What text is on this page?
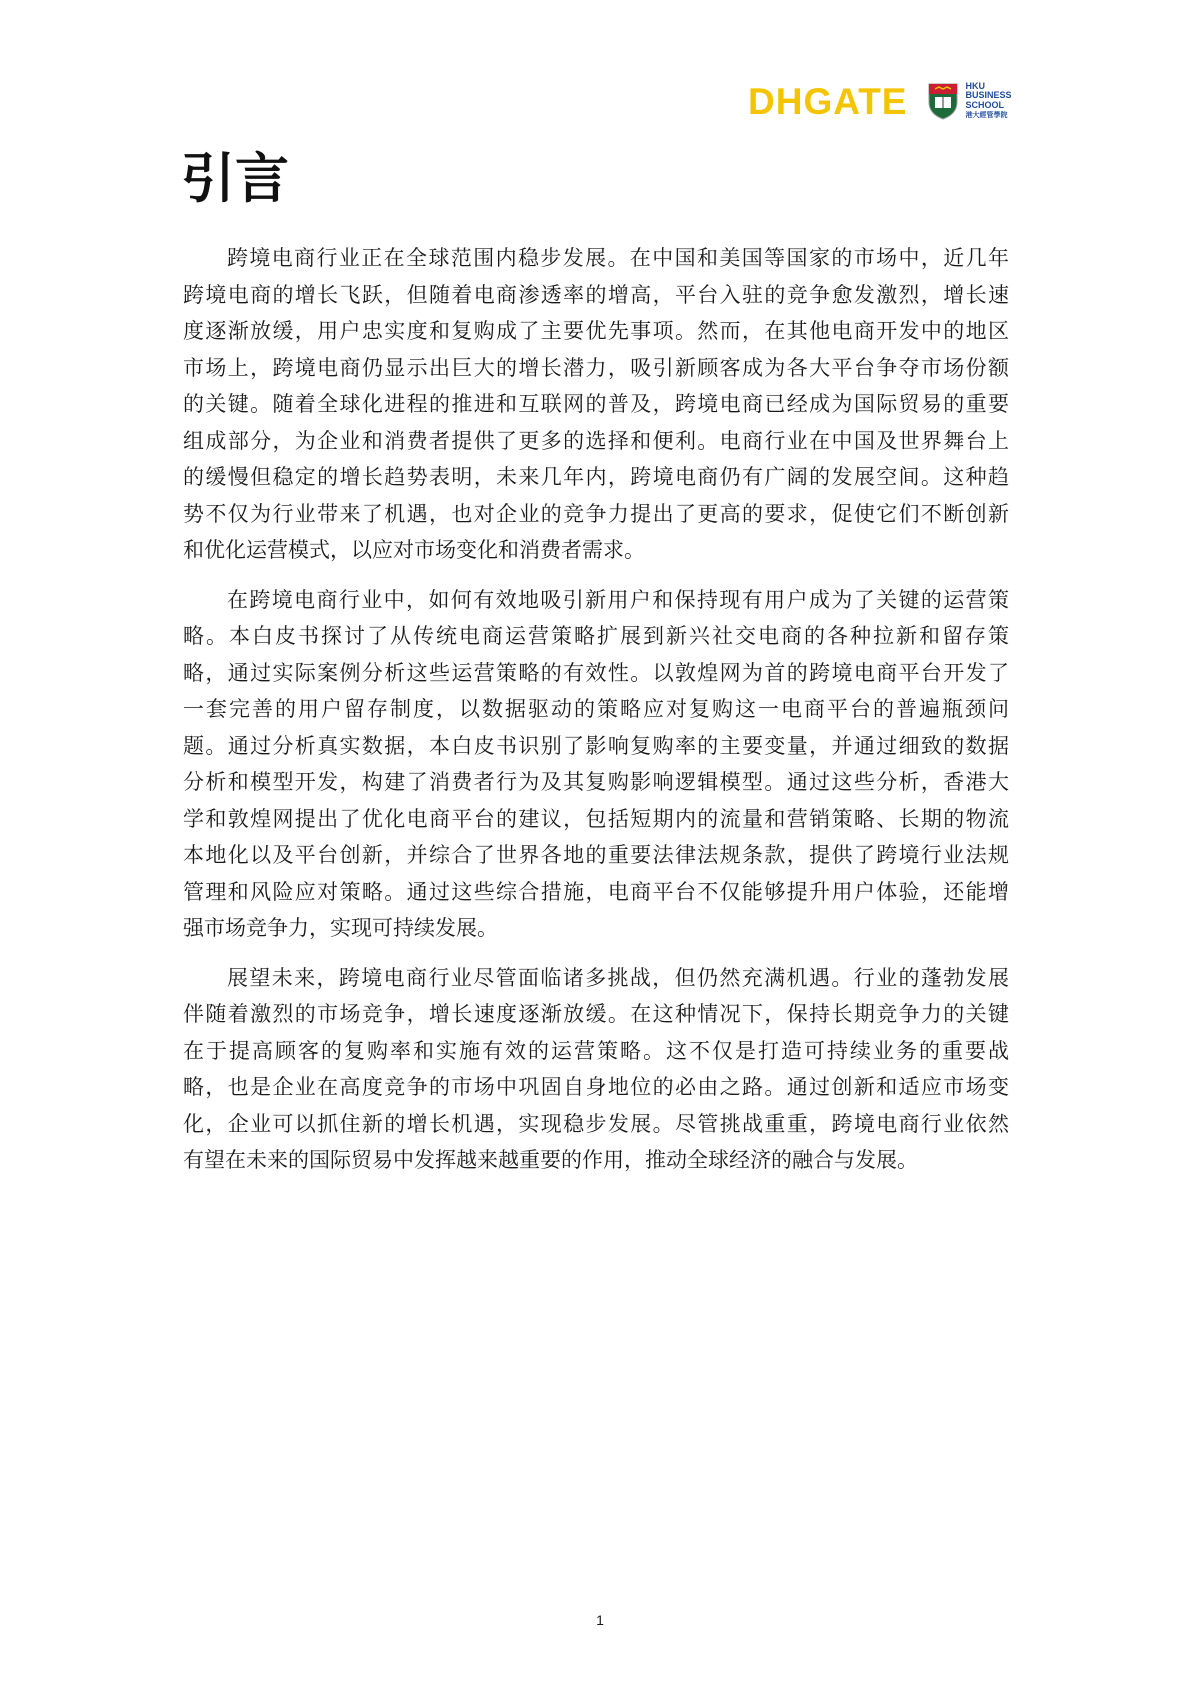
DHGATE	HKU
BUSINESS
SCHOOL
港大經管學院
引言
跨境电商行业正在全球范围内稳步发展。在中国和美国等国家的市场中，近几年
跨境电商的增长飞跃，但随着电商渗透率的增高，平台入驻的竞争愈发激烈，增长速
度逐渐放缓，用户忠实度和复购成了主要优先事项。然而，在其他电商开发中的地区
市场上，跨境电商仍显示出巨大的增长潜力，吸引新顾客成为各大平台争夺市场份额
的关键。随着全球化进程的推进和互联网的普及，跨境电商已经成为国际贸易的重要
组成部分，为企业和消费者提供了更多的选择和便利。电商行业在中国及世界舞台上
的缓慢但稳定的增长趋势表明，未来几年内，跨境电商仍有广阔的发展空间。这种趋
势不仅为行业带来了机遇，也对企业的竞争力提出了更高的要求，促使它们不断创新
和优化运营模式，以应对市场变化和消费者需求。
在跨境电商行业中，如何有效地吸引新用户和保持现有用户成为了关键的运营策
略。本白皮书探讨了从传统电商运营策略扩展到新兴社交电商的各种拉新和留存策
略，通过实际案例分析这些运营策略的有效性。以敦煌网为首的跨境电商平台开发了
一套完善的用户留存制度，以数据驱动的策略应对复购这一电商平台的普遍瓶颈问
题。通过分析真实数据，本白皮书识别了影响复购率的主要变量，并通过细致的数据
分析和模型开发，构建了消费者行为及其复购影响逻辑模型。通过这些分析，香港大
学和敦煌网提出了优化电商平台的建议，包括短期内的流量和营销策略、长期的物流
本地化以及平台创新，并综合了世界各地的重要法律法规条款，提供了跨境行业法规
管理和风险应对策略。通过这些综合措施，电商平台不仅能够提升用户体验，还能增
强市场竞争力，实现可持续发展。
展望未来，跨境电商行业尽管面临诸多挑战，但仍然充满机遇。行业的蓬勃发展
伴随着激烈的市场竞争，增长速度逐渐放缓。在这种情况下，保持长期竞争力的关键
在于提高顾客的复购率和实施有效的运营策略。这不仅是打造可持续业务的重要战
略，也是企业在高度竞争的市场中巩固自身地位的必由之路。通过创新和适应市场变
化，企业可以抓住新的增长机遇，实现稳步发展。尽管挑战重重，跨境电商行业依然
有望在未来的国际贸易中发挥越来越重要的作用，推动全球经济的融合与发展。
1
